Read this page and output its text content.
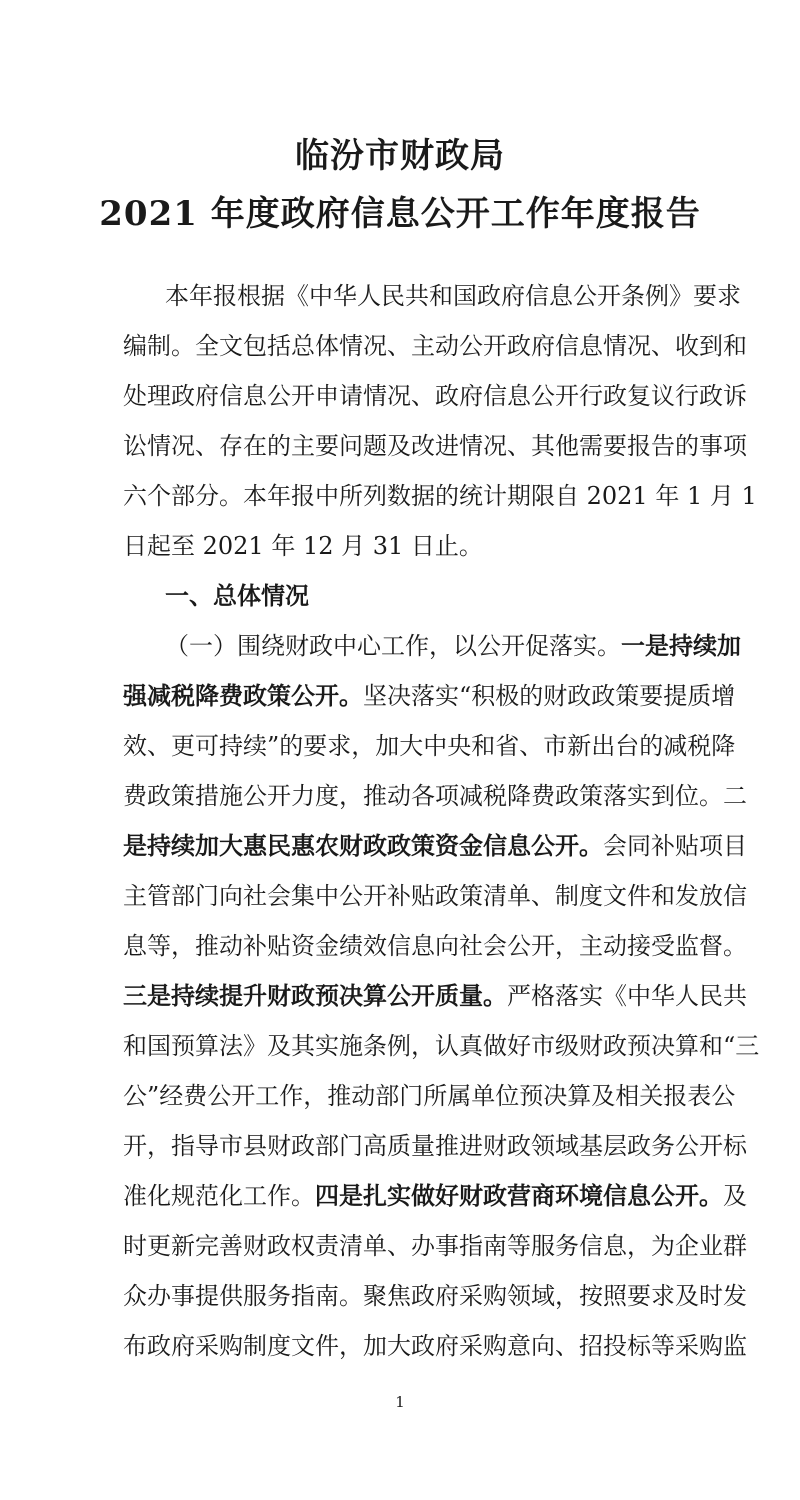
临汾市财政局
2021 年度政府信息公开工作年度报告
本年报根据《中华人民共和国政府信息公开条例》要求
编制。全文包括总体情况、主动公开政府信息情况、收到和
处理政府信息公开申请情况、政府信息公开行政复议行政诉
讼情况、存在的主要问题及改进情况、其他需要报告的事项
六个部分。本年报中所列数据的统计期限自 2021 年 1 月 1
日起至 2021 年 12 月 31 日止。
一、总体情况
（一）围绕财政中心工作，以公开促落实。一是持续加
强减税降费政策公开。坚决落实“积极的财政政策要提质增
效、更可持续”的要求，加大中央和省、市新出台的减税降
费政策措施公开力度，推动各项减税降费政策落实到位。二
是持续加大惠民惠农财政政策资金信息公开。会同补贴项目
主管部门向社会集中公开补贴政策清单、制度文件和发放信
息等，推动补贴资金绩效信息向社会公开，主动接受监督。
三是持续提升财政预决算公开质量。严格落实《中华人民共
和国预算法》及其实施条例，认真做好市级财政预决算和“三
公”经费公开工作，推动部门所属单位预决算及相关报表公
开，指导市县财政部门高质量推进财政领域基层政务公开标
准化规范化工作。四是扎实做好财政营商环境信息公开。及
时更新完善财政权责清单、办事指南等服务信息，为企业群
众办事提供服务指南。聚焦政府采购领域，按照要求及时发
布政府采购制度文件，加大政府采购意向、招投标等采购监
1
